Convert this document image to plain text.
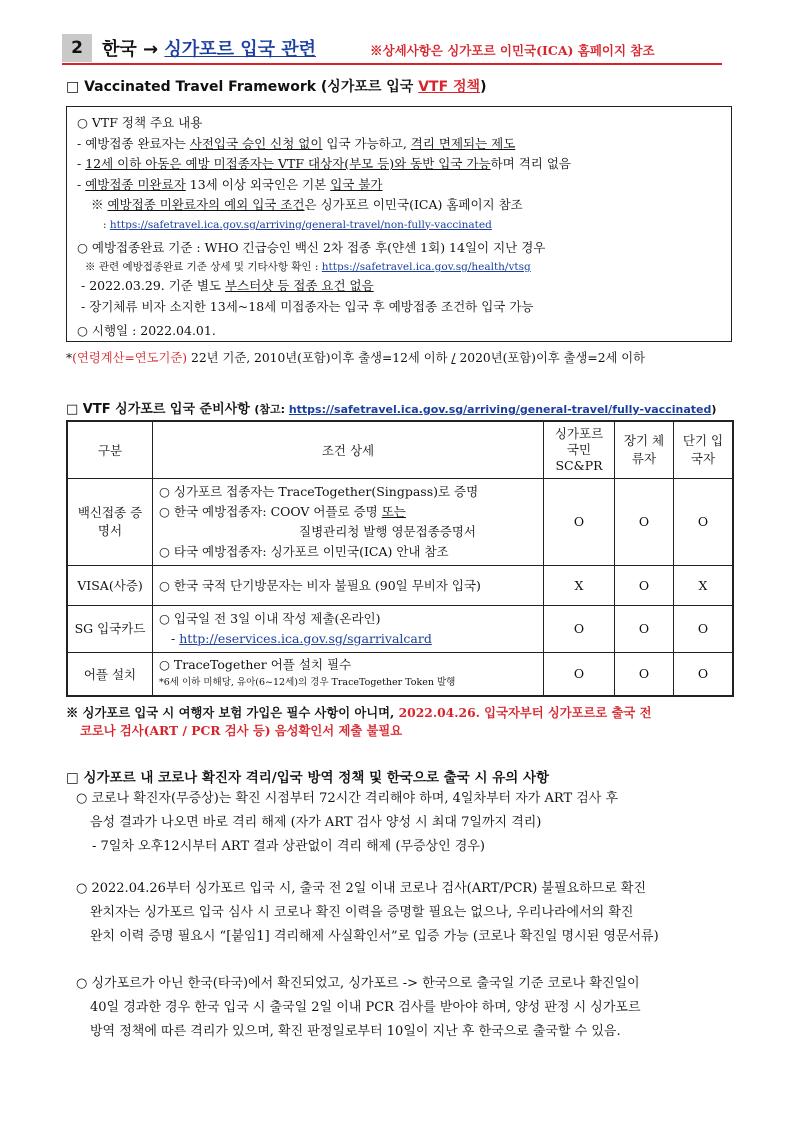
2	한국 → 싱가포르 입국 관련	※상세사항은 싱가포르 이민국(ICA) 홈페이지 참조
□ Vaccinated Travel Framework (싱가포르 입국 VTF 정책)
○ VTF 정책 주요 내용
- 예방접종 완료자는 사전입국 승인 신청 없이 입국 가능하고, 격리 면제되는 제도
- 12세 이하 아동은 예방 미접종자는 VTF 대상자(부모 등)와 동반 입국 가능하며 격리 없음
- 예방접종 미완료자 13세 이상 외국인은 기본 입국 불가
※ 예방접종 미완료자의 예외 입국 조건은 싱가포르 이민국(ICA) 홈페이지 참조
: https://safetravel.ica.gov.sg/arriving/general-travel/non-fully-vaccinated
○ 예방접종완료 기준 : WHO 긴급승인 백신 2차 접종 후(얀센 1회) 14일이 지난 경우
※ 관련 예방접종완료 기준 상세 및 기타사항 확인 : https://safetravel.ica.gov.sg/health/vtsg
- 2022.03.29. 기준 별도 부스터샷 등 접종 요건 없음
- 장기체류 비자 소지한 13세~18세 미접종자는 입국 후 예방접종 조건하 입국 가능
○ 시행일 : 2022.04.01.
*(연령계산=연도기준) 22년 기준, 2010년(포함)이후 출생=12세 이하 / 2020년(포함)이후 출생=2세 이하
□ VTF 싱가포르 입국 준비사항 (참고: https://safetravel.ica.gov.sg/arriving/general-travel/fully-vaccinated)
구분	조건 상세	싱가포르 국민 SC&PR	장기 체류자	단기 입국자
백신접종 증명서	○ 싱가포르 접종자는 TraceTogether(Singpass)로 증명
○ 한국 예방접종자: COOV 어플로 증명 또는
질병관리청 발행 영문접종증명서
○ 타국 예방접종자: 싱가포르 이민국(ICA) 안내 참조	O	O	O
VISA(사증)	○ 한국 국적 단기방문자는 비자 불필요 (90일 무비자 입국)	X	O	X
SG 입국카드	○ 입국일 전 3일 이내 작성 제출(온라인)
- http://eservices.ica.gov.sg/sgarrivalcard	O	O	O
어플 설치	○ TraceTogether 어플 설치 필수
*6세 이하 미해당, 유아(6~12세)의 경우 TraceTogether Token 발행	O	O	O
※ 싱가포르 입국 시 여행자 보험 가입은 필수 사항이 아니며, 2022.04.26. 입국자부터 싱가포르로 출국 전
코로나 검사(ART / PCR 검사 등) 음성확인서 제출 불필요
□ 싱가포르 내 코로나 확진자 격리/입국 방역 정책 및 한국으로 출국 시 유의 사항
○ 코로나 확진자(무증상)는 확진 시점부터 72시간 격리해야 하며, 4일차부터 자가 ART 검사 후
음성 결과가 나오면 바로 격리 해제 (자가 ART 검사 양성 시 최대 7일까지 격리)
- 7일차 오후12시부터 ART 결과 상관없이 격리 해제 (무증상인 경우)
○ 2022.04.26부터 싱가포르 입국 시, 출국 전 2일 이내 코로나 검사(ART/PCR) 불필요하므로 확진
완치자는 싱가포르 입국 심사 시 코로나 확진 이력을 증명할 필요는 없으나, 우리나라에서의 확진
완치 이력 증명 필요시 “[붙임1] 격리해제 사실확인서”로 입증 가능 (코로나 확진일 명시된 영문서류)
○ 싱가포르가 아닌 한국(타국)에서 확진되었고, 싱가포르 -> 한국으로 출국일 기준 코로나 확진일이
40일 경과한 경우 한국 입국 시 출국일 2일 이내 PCR 검사를 받아야 하며, 양성 판정 시 싱가포르
방역 정책에 따른 격리가 있으며, 확진 판정일로부터 10일이 지난 후 한국으로 출국할 수 있음.
